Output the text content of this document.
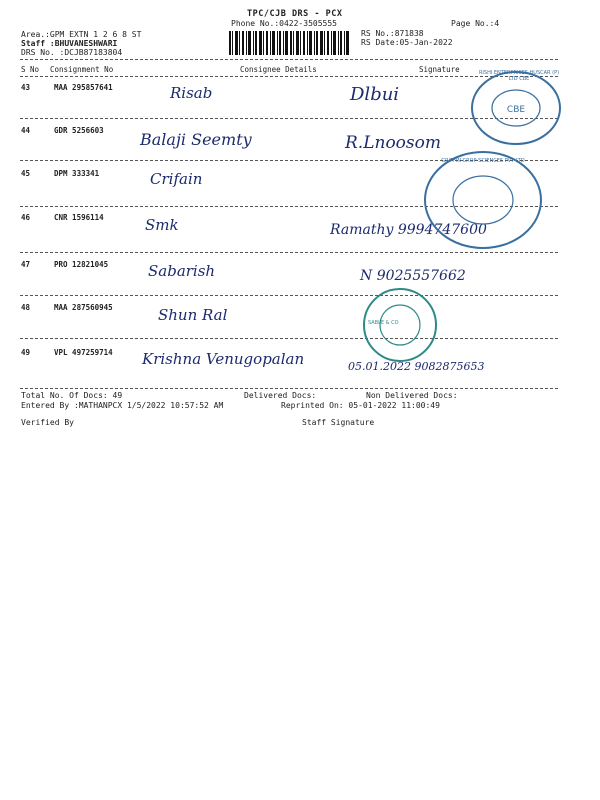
TPC/CJB DRS - PCX
Phone No.:0422-3505555	Page No.:4
Area.:GPM EXTN 1 2 6 8 ST
Staff :BHUVANESHWARI
DRS No. :DCJB87183804
RS No.:871838
RS Date:05-Jan-2022
S No Consignment No	Consignee Details	Signature
43	MAA 295857641	Risab	Dlbui
44	GDR 5256603 Balaji Seemty	R.Lnoosom
45	DPM 333341	Crifain
46	CNR 1596114	Smk	Ramathy 9994747600
47	PRO 12821045	Sabarish	N 9025557662
48	MAA 287560945	Shun Ral
49	VPL 497259714 Krishna Venugopalan	05.01.2022 9082875653
CBE
RISHI ENTERPRISES HUSCAR (P) LTD CBE
GRIFFIN CROP SCIENCES PVT LTD
SABLE & CO
Total No. Of Docs: 49	Delivered Docs:	Non Delivered Docs:
Entered By :MATHANPCX 1/5/2022 10:57:52 AM	Reprinted On: 05-01-2022 11:00:49
Verified By	Staff Signature
